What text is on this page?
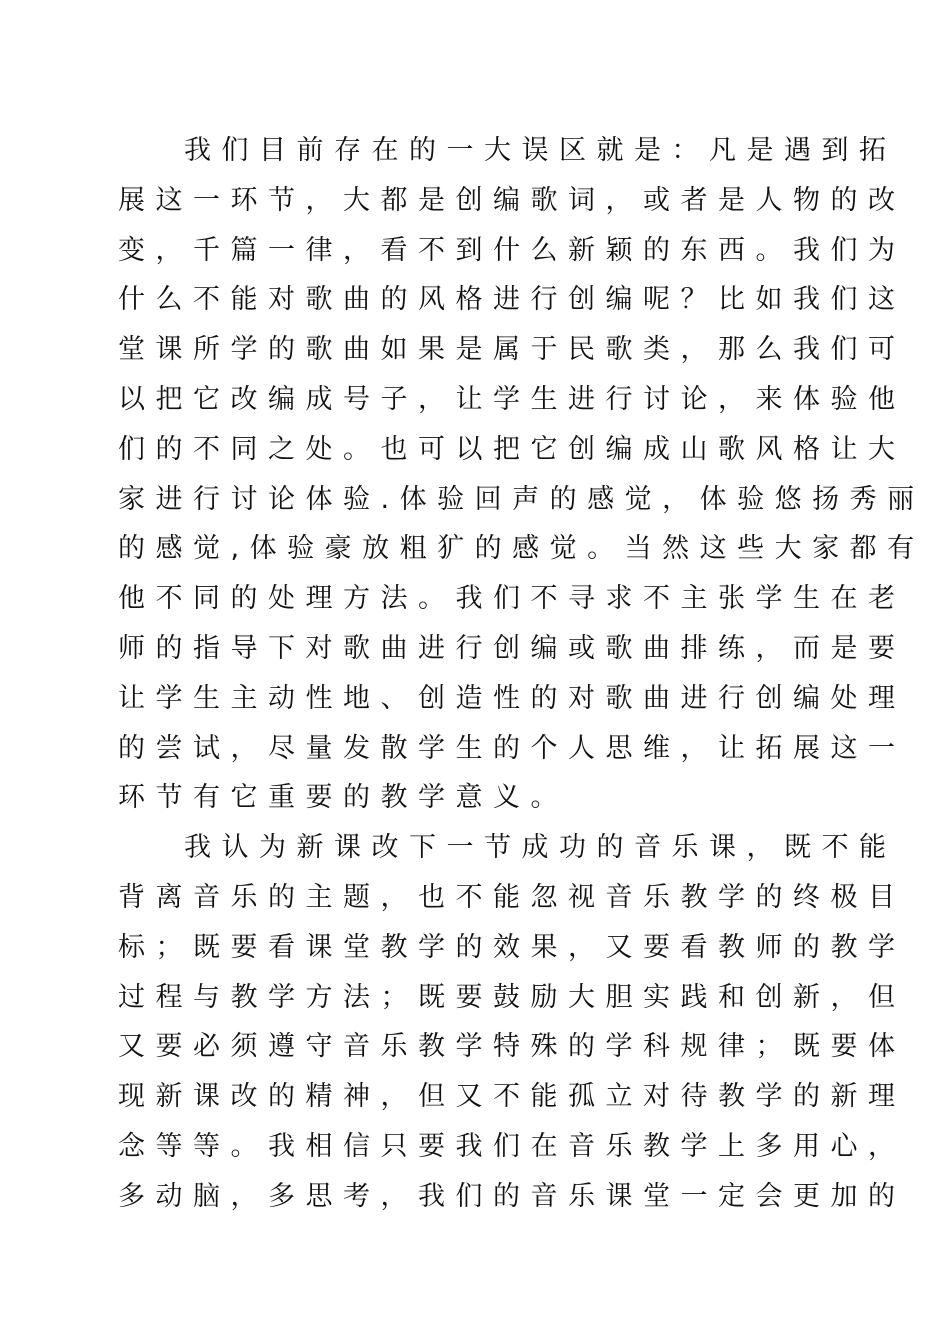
我们目前存在的一大误区就是：凡是遇到拓
展这一环节，大都是创编歌词，或者是人物的改
变，千篇一律，看不到什么新颖的东西。我们为
什么不能对歌曲的风格进行创编呢？比如我们这
堂课所学的歌曲如果是属于民歌类，那么我们可
以把它改编成号子，让学生进行讨论，来体验他
们的不同之处。也可以把它创编成山歌风格让大
家进行讨论体验.体验回声的感觉，体验悠扬秀丽
的感觉,体验豪放粗犷的感觉。当然这些大家都有
他不同的处理方法。我们不寻求不主张学生在老
师的指导下对歌曲进行创编或歌曲排练，而是要
让学生主动性地、创造性的对歌曲进行创编处理
的尝试，尽量发散学生的个人思维，让拓展这一
环节有它重要的教学意义。
我认为新课改下一节成功的音乐课，既不能
背离音乐的主题，也不能忽视音乐教学的终极目
标；既要看课堂教学的效果，又要看教师的教学
过程与教学方法；既要鼓励大胆实践和创新，但
又要必须遵守音乐教学特殊的学科规律；既要体
现新课改的精神，但又不能孤立对待教学的新理
念等等。我相信只要我们在音乐教学上多用心，
多动脑，多思考，我们的音乐课堂一定会更加的
